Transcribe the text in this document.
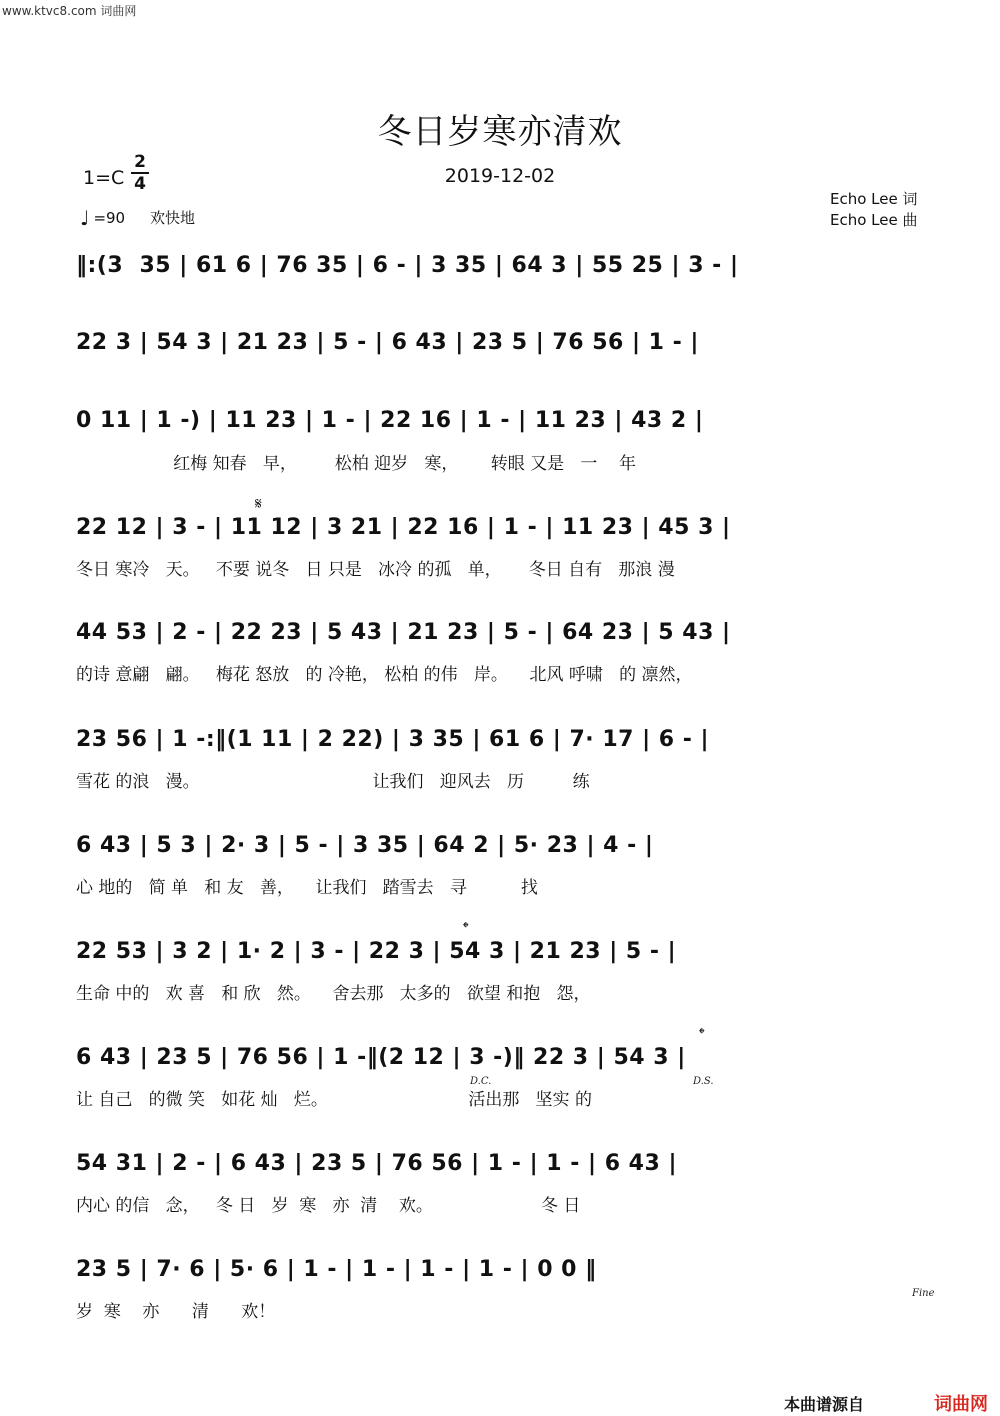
www.ktvc8.com 词曲网
冬日岁寒亦清欢
2019-12-02
1=C
2
4
♩ =90 欢快地
Echo Lee 词
Echo Lee 曲
‖:(3  35 | 61 6 | 76 35 | 6 - | 3 35 | 64 3 | 55 25 | 3 - |
22 3 | 54 3 | 21 23 | 5 - | 6 43 | 23 5 | 76 56 | 1 - |
0 11 | 1 -) | 11 23 | 1 - | 22 16 | 1 - | 11 23 | 43 2 |
红梅 知春   早，       松柏 迎岁   寒，      转眼 又是   一    年
𝄋
22 12 | 3 - | 11 12 | 3 21 | 22 16 | 1 - | 11 23 | 45 3 |
冬日 寒冷   天。   不要 说冬   日 只是   冰冷 的孤   单，     冬日 自有   那浪 漫
44 53 | 2 - | 22 23 | 5 43 | 21 23 | 5 - | 64 23 | 5 43 |
的诗 意翩   翩。   梅花 怒放   的 冷艳， 松柏 的伟   岸。    北风 呼啸   的 凛然，
23 56 | 1 -:‖(1 11 | 2 22) | 3 35 | 61 6 | 7· 17 | 6 - |
雪花 的浪   漫。                                让我们   迎风去   历         练
6 43 | 5 3 | 2· 3 | 5 - | 3 35 | 64 2 | 5· 23 | 4 - |
心 地的   简 单   和 友   善，    让我们   踏雪去   寻          找
𝄌
22 53 | 3 2 | 1· 2 | 3 - | 22 3 | 54 3 | 21 23 | 5 - |
生命 中的   欢 喜   和 欣   然。    舍去那   太多的   欲望 和抱   怨，
𝄌
6 43 | 23 5 | 76 56 | 1 -‖(2 12 | 3 -)‖ 22 3 | 54 3 |
D.C.	D.S.
让 自己   的微 笑   如花 灿   烂。                          活出那   坚实 的
54 31 | 2 - | 6 43 | 23 5 | 76 56 | 1 - | 1 - | 6 43 |
内心 的信   念，   冬 日   岁  寒   亦  清    欢。                    冬 日
23 5 | 7· 6 | 5· 6 | 1 - | 1 - | 1 - | 1 - | 0 0 ‖
Fine
岁  寒    亦      清      欢！
本曲谱源自	词曲网
